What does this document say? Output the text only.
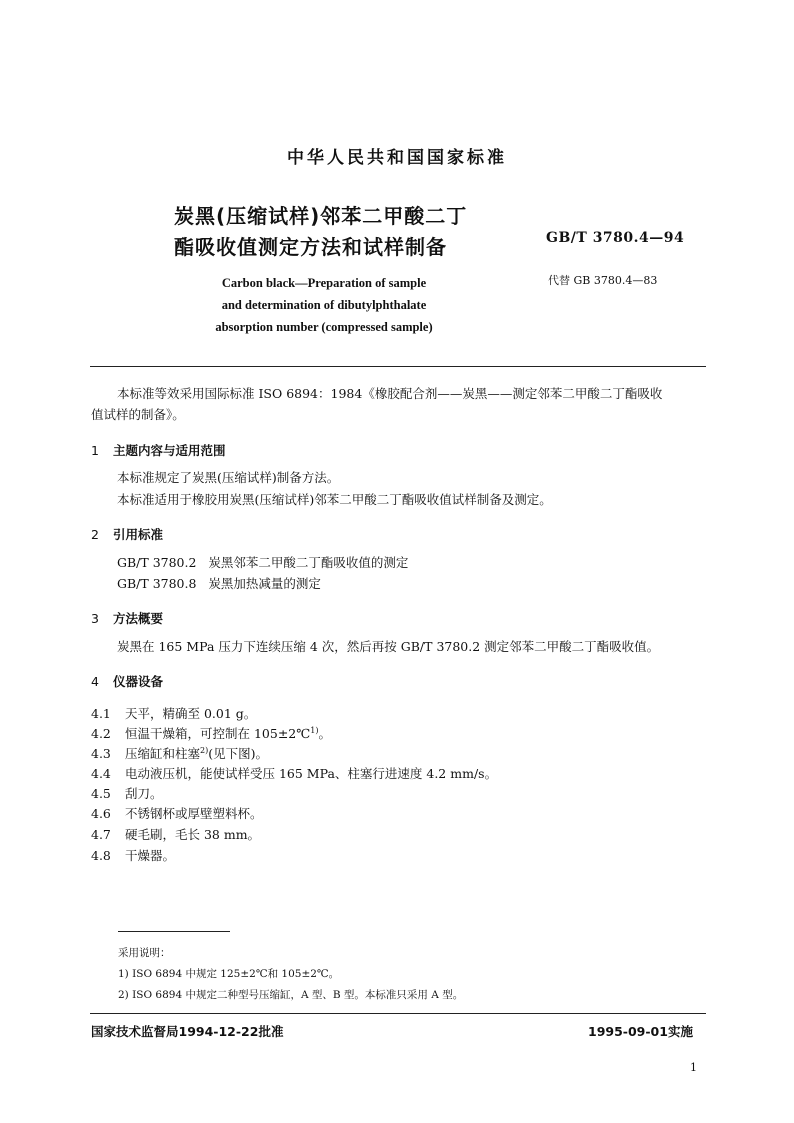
中华人民共和国国家标准
炭黑(压缩试样)邻苯二甲酸二丁
酯吸收值测定方法和试样制备	GB/T 3780.4—94
代替 GB 3780.4—83
Carbon black—Preparation of sample
and determination of dibutylphthalate
absorption number (compressed sample)
本标准等效采用国际标准 ISO 6894：1984《橡胶配合剂——炭黑——测定邻苯二甲酸二丁酯吸收
值试样的制备》。
1 主题内容与适用范围
本标准规定了炭黑(压缩试样)制备方法。
本标准适用于橡胶用炭黑(压缩试样)邻苯二甲酸二丁酯吸收值试样制备及测定。
2 引用标准
GB/T 3780.2   炭黑邻苯二甲酸二丁酯吸收值的测定
GB/T 3780.8   炭黑加热减量的测定
3 方法概要
炭黑在 165 MPa 压力下连续压缩 4 次，然后再按 GB/T 3780.2 测定邻苯二甲酸二丁酯吸收值。
4 仪器设备
4.1 天平，精确至 0.01 g。
4.2 恒温干燥箱，可控制在 105±2℃$^{1)}$。
4.3 压缩缸和柱塞$^{2)}$(见下图)。
4.4 电动液压机，能使试样受压 165 MPa、柱塞行进速度 4.2 mm/s。
4.5 刮刀。
4.6 不锈钢杯或厚壁塑料杯。
4.7 硬毛刷，毛长 38 mm。
4.8 干燥器。
采用说明：
1) ISO 6894 中规定 125±2℃和 105±2℃。
2) ISO 6894 中规定二种型号压缩缸，A 型、B 型。本标准只采用 A 型。
国家技术监督局1994-12-22批准	1995-09-01实施
1
